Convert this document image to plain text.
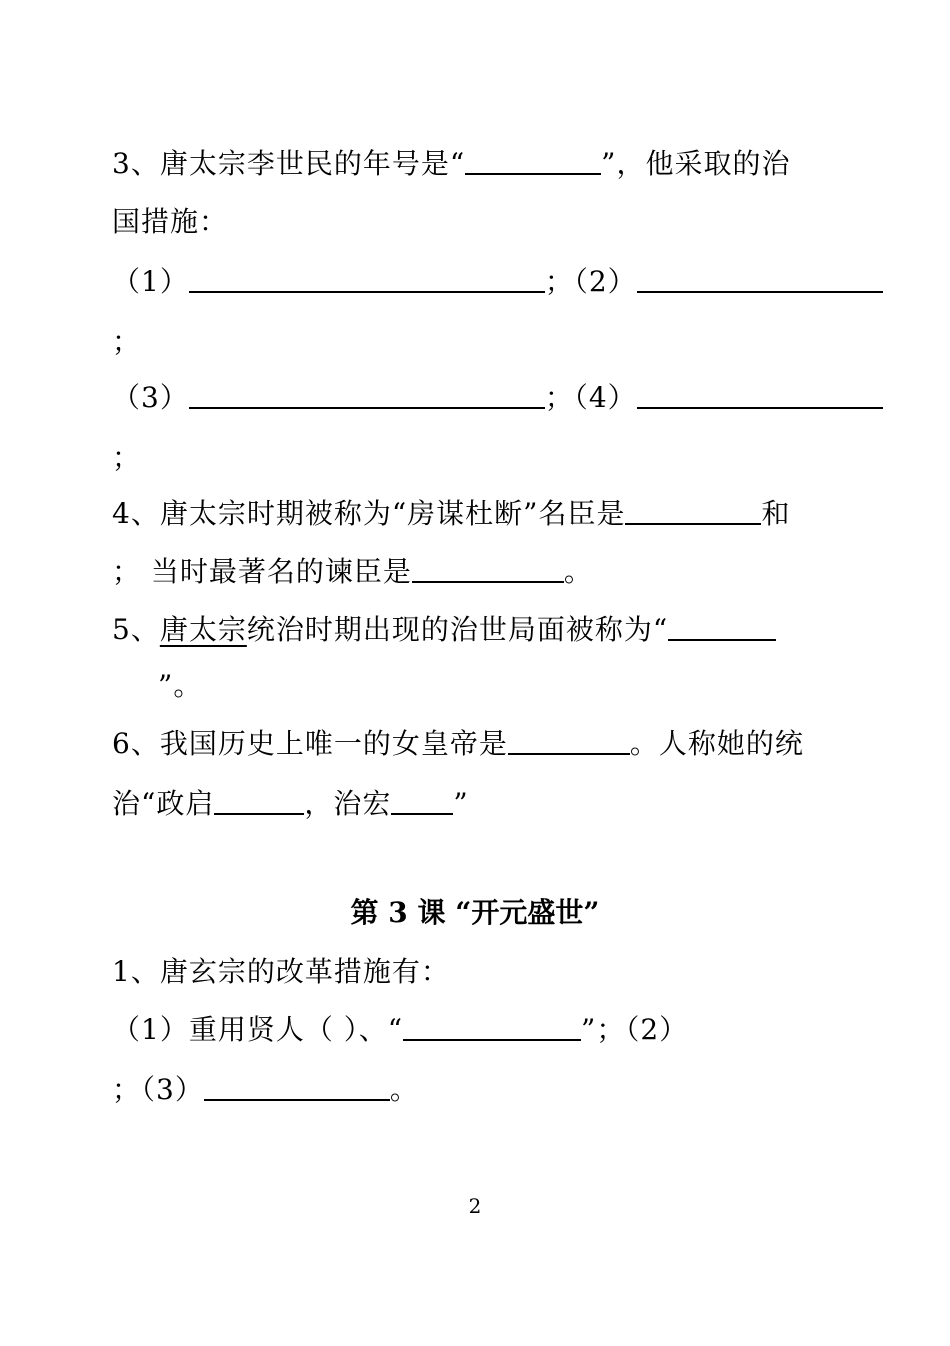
3、唐太宗李世民的年号是“	”，他采取的治
国措施：
（1）	；（2）
；
（3）	；（4）
；
4、唐太宗时期被称为“房谋杜断”名臣是	和
； 当时最著名的谏臣是	。
5、唐太宗统治时期出现的治世局面被称为“
”。
6、我国历史上唯一的女皇帝是	。人称她的统
治“政启	，治宏 ”
第 3 课 “开元盛世”
1、唐玄宗的改革措施有：
（1）重用贤人（ ）、“	”；（2）
；（3）	。
2
